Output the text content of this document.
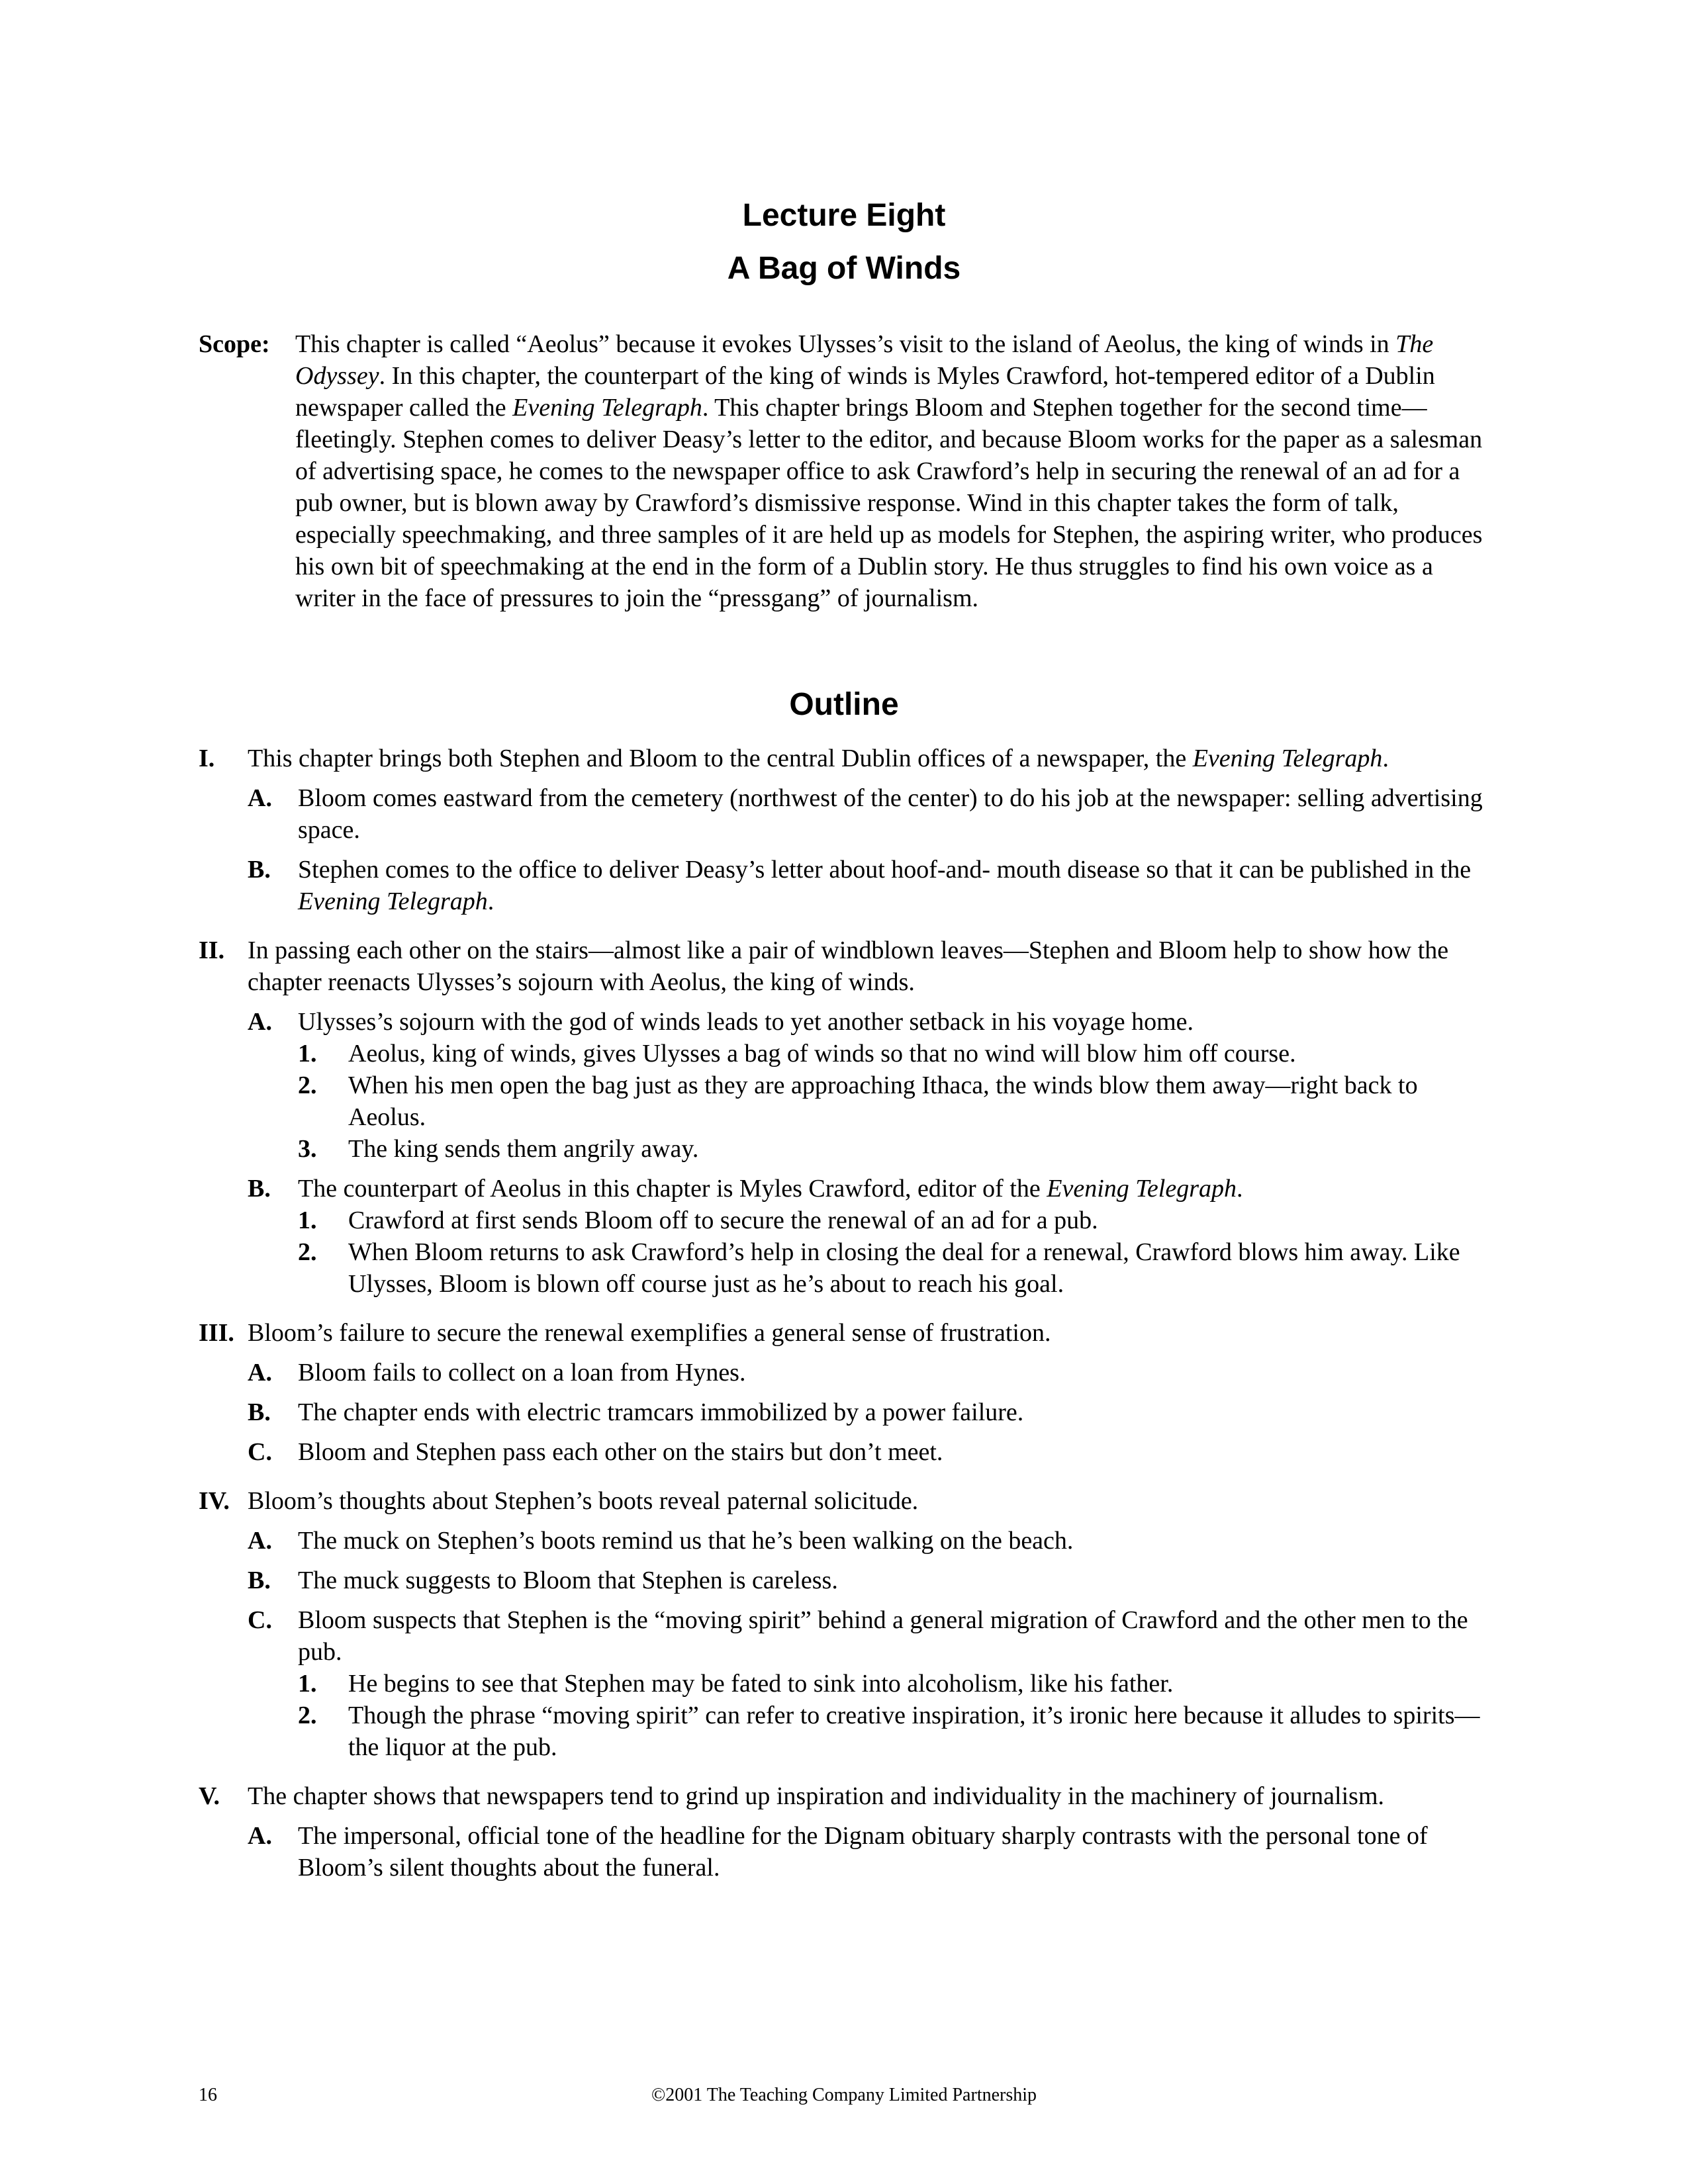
Lecture Eight
A Bag of Winds
Scope: This chapter is called “Aeolus” because it evokes Ulysses’s visit to the island of Aeolus, the king of winds in The Odyssey. In this chapter, the counterpart of the king of winds is Myles Crawford, hot-tempered editor of a Dublin newspaper called the Evening Telegraph. This chapter brings Bloom and Stephen together for the second time—fleetingly. Stephen comes to deliver Deasy’s letter to the editor, and because Bloom works for the paper as a salesman of advertising space, he comes to the newspaper office to ask Crawford’s help in securing the renewal of an ad for a pub owner, but is blown away by Crawford’s dismissive response. Wind in this chapter takes the form of talk, especially speechmaking, and three samples of it are held up as models for Stephen, the aspiring writer, who produces his own bit of speechmaking at the end in the form of a Dublin story. He thus struggles to find his own voice as a writer in the face of pressures to join the “pressgang” of journalism.
Outline
I. This chapter brings both Stephen and Bloom to the central Dublin offices of a newspaper, the Evening Telegraph.
A. Bloom comes eastward from the cemetery (northwest of the center) to do his job at the newspaper: selling advertising space.
B. Stephen comes to the office to deliver Deasy’s letter about hoof-and- mouth disease so that it can be published in the Evening Telegraph.
II. In passing each other on the stairs—almost like a pair of windblown leaves—Stephen and Bloom help to show how the chapter reenacts Ulysses’s sojourn with Aeolus, the king of winds.
A. Ulysses’s sojourn with the god of winds leads to yet another setback in his voyage home.
1. Aeolus, king of winds, gives Ulysses a bag of winds so that no wind will blow him off course.
2. When his men open the bag just as they are approaching Ithaca, the winds blow them away—right back to Aeolus.
3. The king sends them angrily away.
B. The counterpart of Aeolus in this chapter is Myles Crawford, editor of the Evening Telegraph.
1. Crawford at first sends Bloom off to secure the renewal of an ad for a pub.
2. When Bloom returns to ask Crawford’s help in closing the deal for a renewal, Crawford blows him away. Like Ulysses, Bloom is blown off course just as he’s about to reach his goal.
III. Bloom’s failure to secure the renewal exemplifies a general sense of frustration.
A. Bloom fails to collect on a loan from Hynes.
B. The chapter ends with electric tramcars immobilized by a power failure.
C. Bloom and Stephen pass each other on the stairs but don’t meet.
IV. Bloom’s thoughts about Stephen’s boots reveal paternal solicitude.
A. The muck on Stephen’s boots remind us that he’s been walking on the beach.
B. The muck suggests to Bloom that Stephen is careless.
C. Bloom suspects that Stephen is the “moving spirit” behind a general migration of Crawford and the other men to the pub.
1. He begins to see that Stephen may be fated to sink into alcoholism, like his father.
2. Though the phrase “moving spirit” can refer to creative inspiration, it’s ironic here because it alludes to spirits—the liquor at the pub.
V. The chapter shows that newspapers tend to grind up inspiration and individuality in the machinery of journalism.
A. The impersonal, official tone of the headline for the Dignam obituary sharply contrasts with the personal tone of Bloom’s silent thoughts about the funeral.
16	©2001 The Teaching Company Limited Partnership
